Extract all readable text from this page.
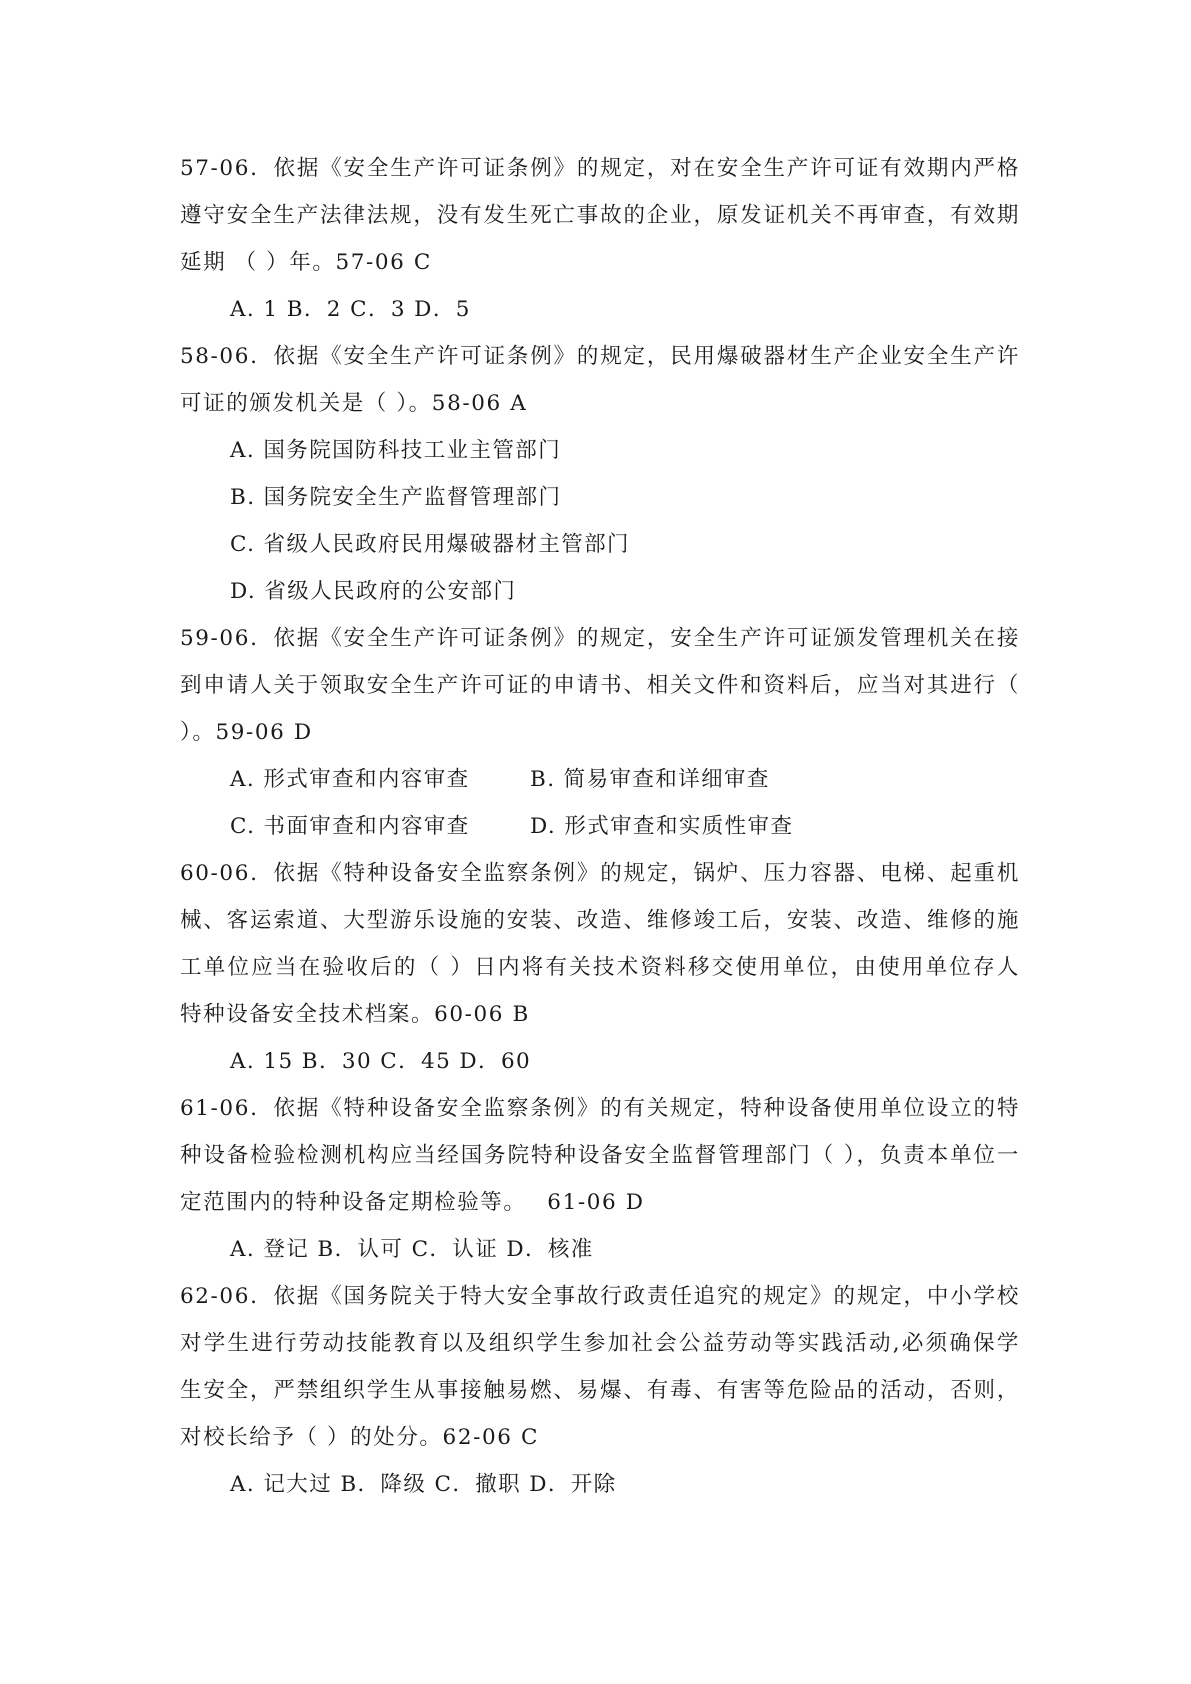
57-06．依据《安全生产许可证条例》的规定，对在安全生产许可证有效期内严格遵守安全生产法律法规，没有发生死亡事故的企业，原发证机关不再审查，有效期延期 （ ）年。57-06 C
A. 1 B．2 C．3 D．5
58-06．依据《安全生产许可证条例》的规定，民用爆破器材生产企业安全生产许可证的颁发机关是（ ）。58-06 A
A. 国务院国防科技工业主管部门
B. 国务院安全生产监督管理部门
C. 省级人民政府民用爆破器材主管部门
D. 省级人民政府的公安部门
59-06．依据《安全生产许可证条例》的规定，安全生产许可证颁发管理机关在接到申请人关于领取安全生产许可证的申请书、相关文件和资料后，应当对其进行（ ）。59-06 D
A. 形式审查和内容审查	B. 简易审查和详细审查
C. 书面审查和内容审查	D. 形式审查和实质性审查
60-06．依据《特种设备安全监察条例》的规定，锅炉、压力容器、电梯、起重机械、客运索道、大型游乐设施的安装、改造、维修竣工后，安装、改造、维修的施工单位应当在验收后的（ ）日内将有关技术资料移交使用单位，由使用单位存人特种设备安全技术档案。60-06 B
A. 15 B．30 C．45 D．60
61-06．依据《特种设备安全监察条例》的有关规定，特种设备使用单位设立的特种设备检验检测机构应当经国务院特种设备安全监督管理部门（ ），负责本单位一定范围内的特种设备定期检验等。　 61-06 D
A. 登记 B．认可 C．认证 D．核准
62-06．依据《国务院关于特大安全事故行政责任追究的规定》的规定，中小学校对学生进行劳动技能教育以及组织学生参加社会公益劳动等实践活动,必须确保学生安全，严禁组织学生从事接触易燃、易爆、有毒、有害等危险品的活动，否则，对校长给予（ ）的处分。62-06 C
A. 记大过 B．降级 C．撤职 D．开除
